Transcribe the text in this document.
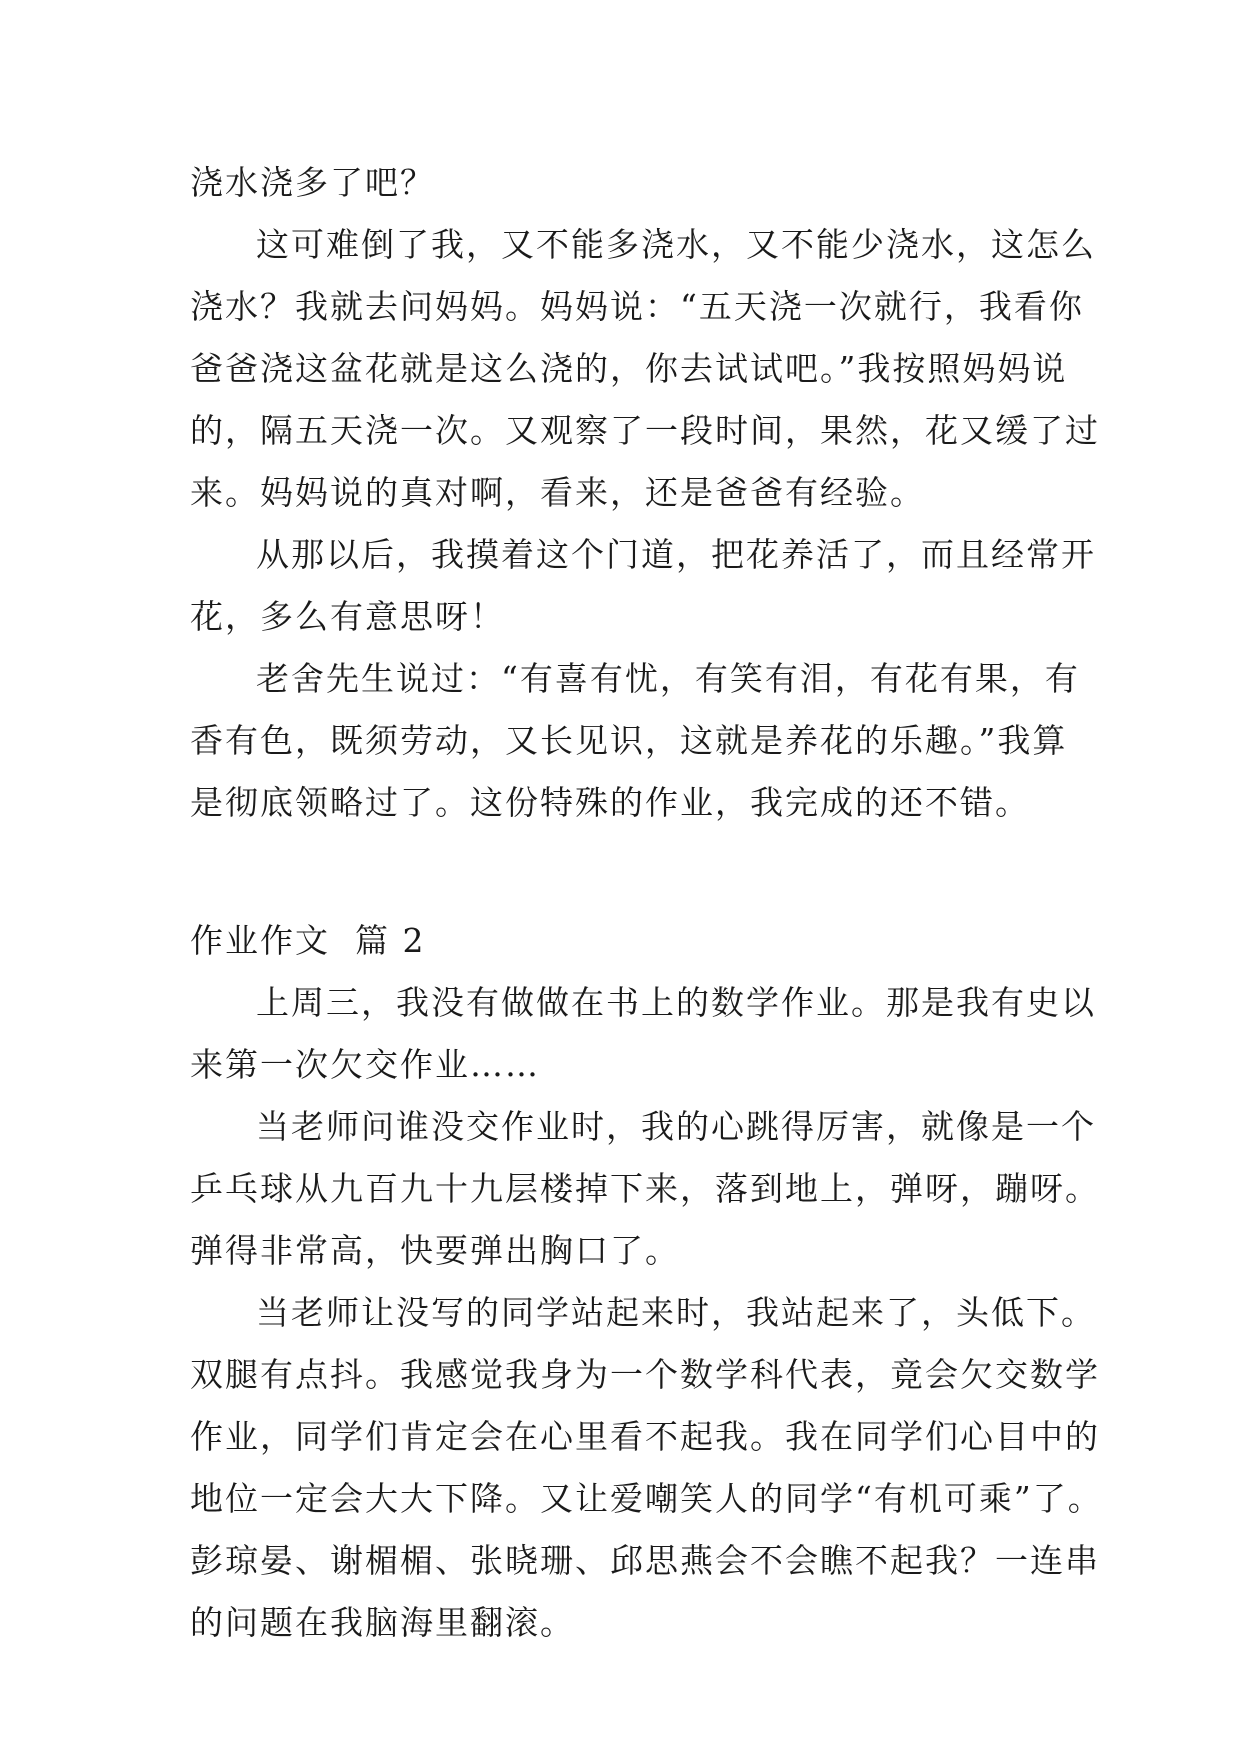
浇水浇多了吧？
这可难倒了我，又不能多浇水，又不能少浇水，这怎么
浇水？我就去问妈妈。妈妈说：“五天浇一次就行，我看你
爸爸浇这盆花就是这么浇的，你去试试吧。”我按照妈妈说
的，隔五天浇一次。又观察了一段时间，果然，花又缓了过
来。妈妈说的真对啊，看来，还是爸爸有经验。
从那以后，我摸着这个门道，把花养活了，而且经常开
花，多么有意思呀！
老舍先生说过：“有喜有忧，有笑有泪，有花有果，有
香有色，既须劳动，又长见识，这就是养花的乐趣。”我算
是彻底领略过了。这份特殊的作业，我完成的还不错。
作业作文  篇 2
上周三，我没有做做在书上的数学作业。那是我有史以
来第一次欠交作业……
当老师问谁没交作业时，我的心跳得厉害，就像是一个
乒乓球从九百九十九层楼掉下来，落到地上，弹呀，蹦呀。
弹得非常高，快要弹出胸口了。
当老师让没写的同学站起来时，我站起来了，头低下。
双腿有点抖。我感觉我身为一个数学科代表，竟会欠交数学
作业，同学们肯定会在心里看不起我。我在同学们心目中的
地位一定会大大下降。又让爱嘲笑人的同学“有机可乘”了。
彭琼晏、谢楣楣、张晓珊、邱思燕会不会瞧不起我？一连串
的问题在我脑海里翻滚。
